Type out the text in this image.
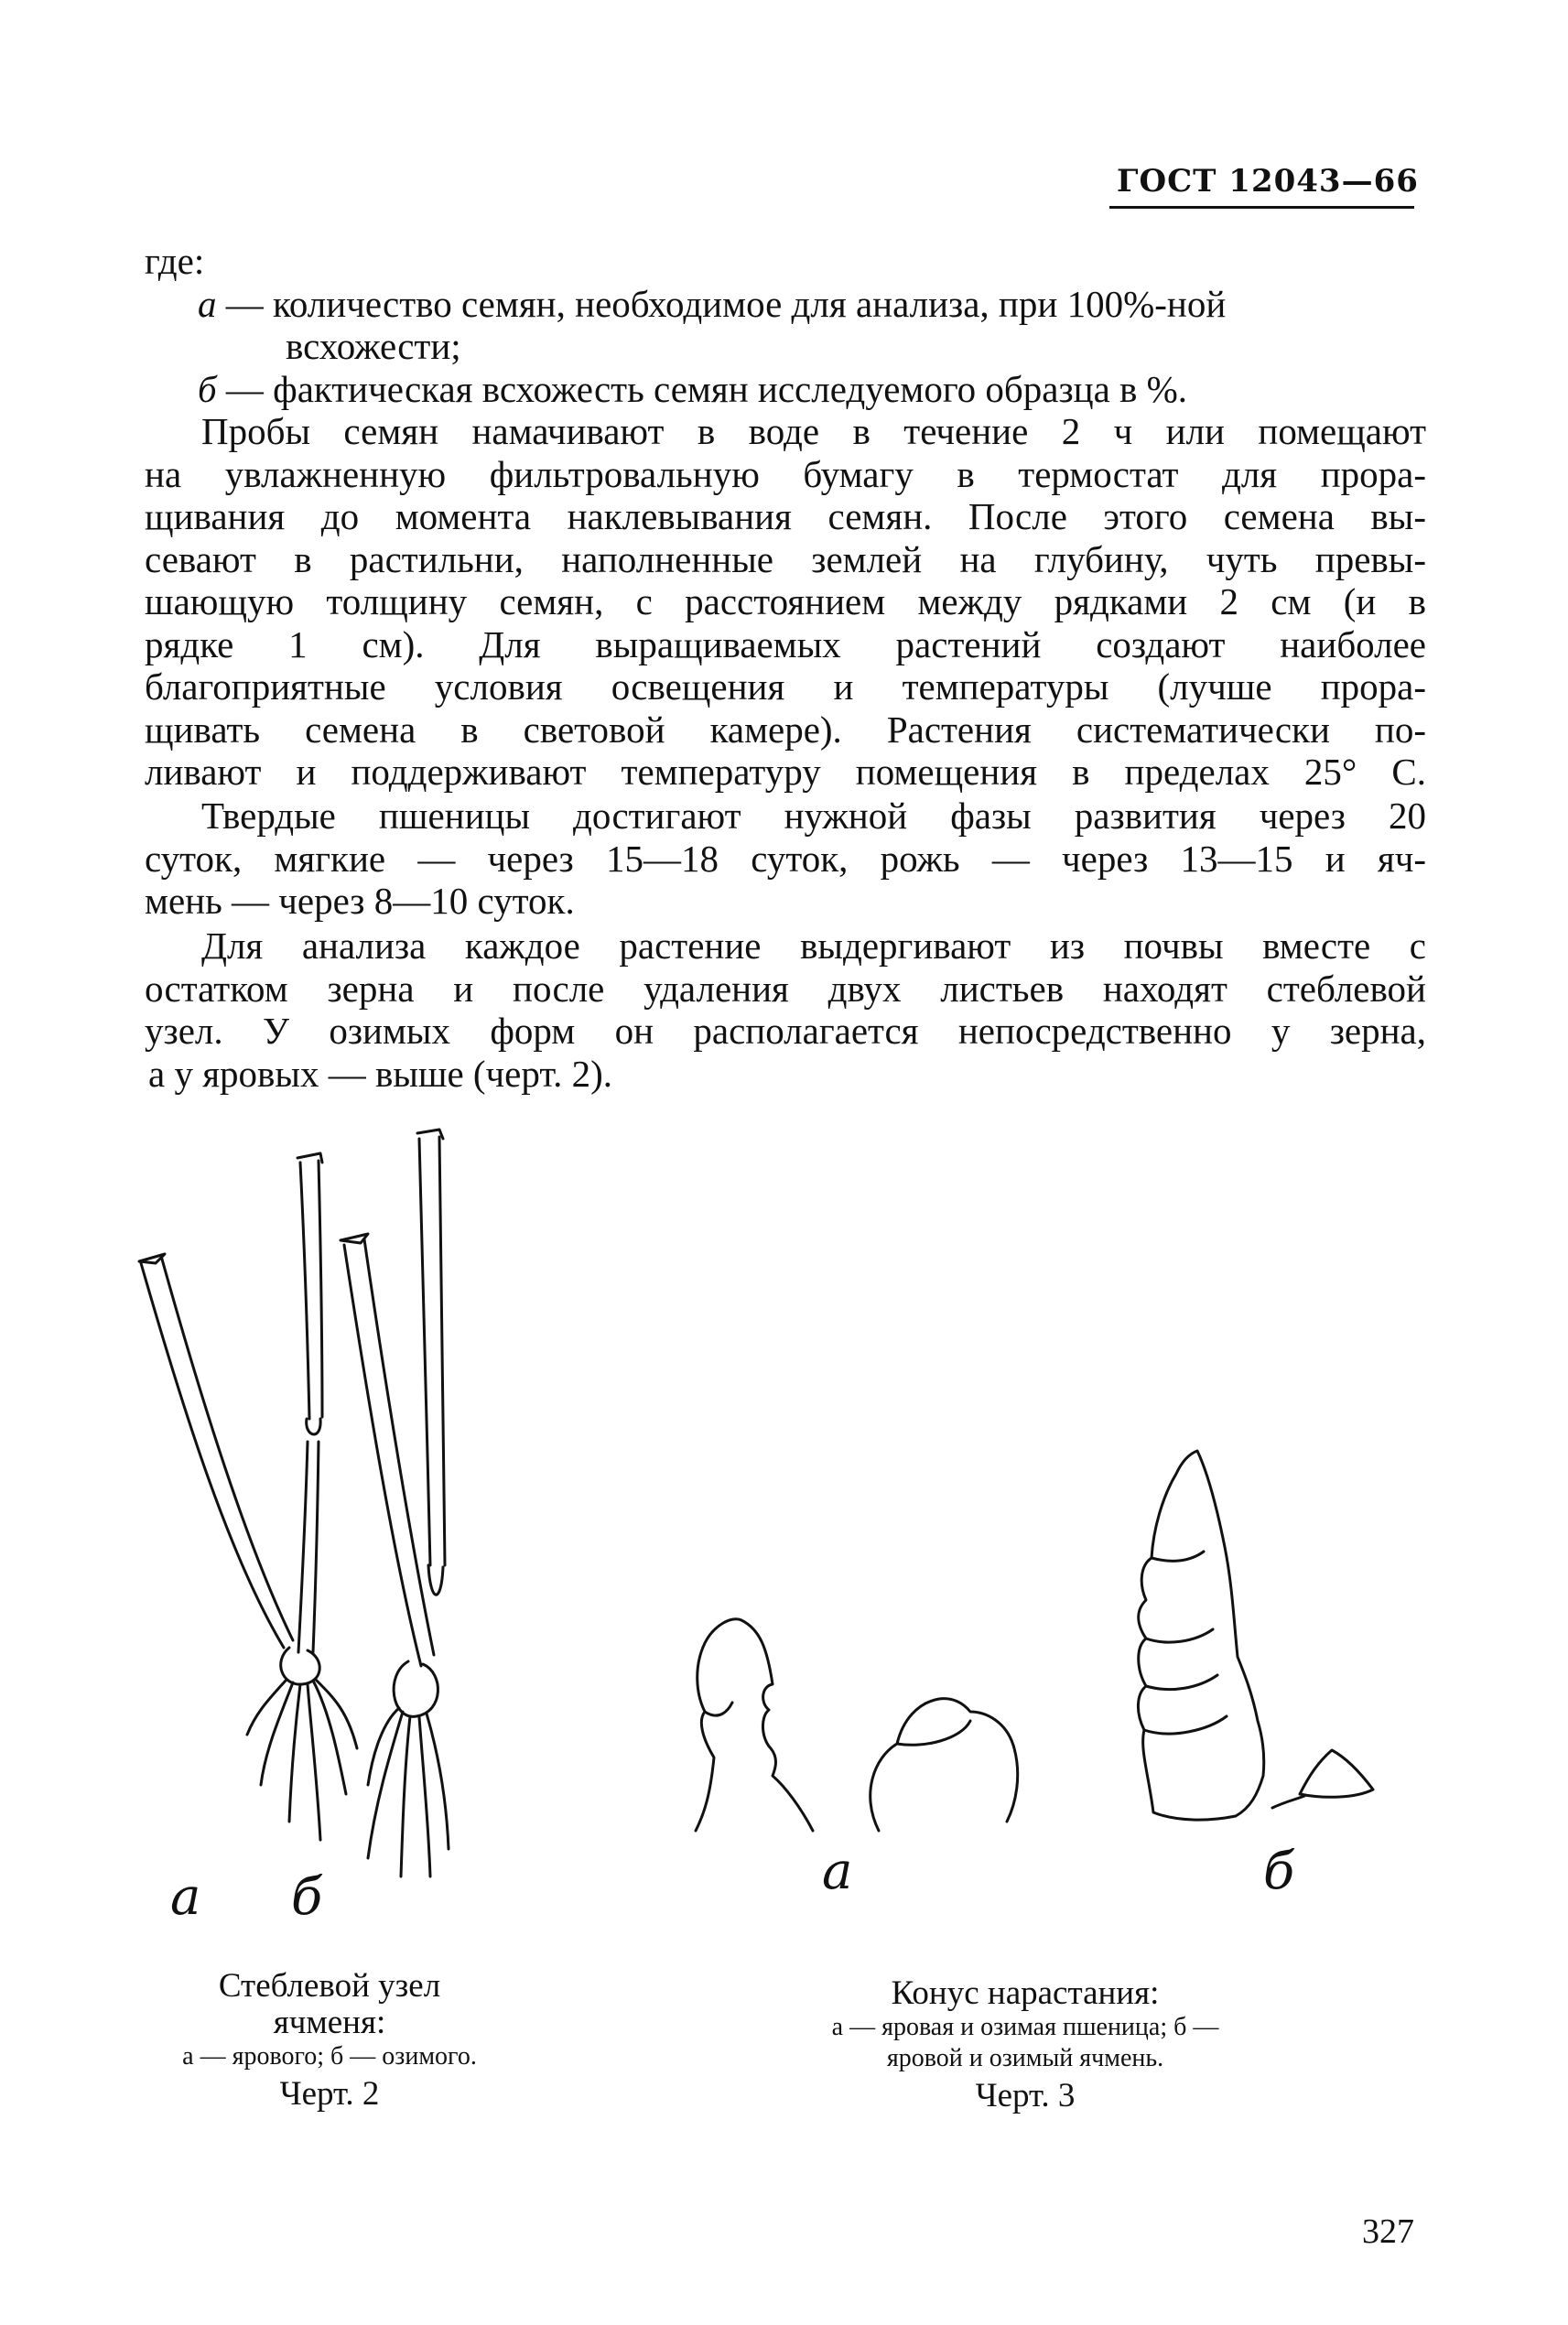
ГОСТ 12043—66
где:
а — количество семян, необходимое для анализа, при 100%-ной
всхожести;
б — фактическая всхожесть семян исследуемого образца в %.
Пробы семян намачивают в воде в течение 2 ч или помещают
на увлажненную фильтровальную бумагу в термостат для прора-
щивания до момента наклевывания семян. После этого семена вы-
севают в растильни, наполненные землей на глубину, чуть превы-
шающую толщину семян, с расстоянием между рядками 2 см (и в
рядке 1 см). Для выращиваемых растений создают наиболее
благоприятные условия освещения и температуры (лучше прора-
щивать семена в световой камере). Растения систематически по-
ливают и поддерживают температуру помещения в пределах 25° С.
Твердые пшеницы достигают нужной фазы развития через 20
суток, мягкие — через 15—18 суток, рожь — через 13—15 и яч-
мень — через 8—10 суток.
Для анализа каждое растение выдергивают из почвы вместе с
остатком зерна и после удаления двух листьев находят стеблевой
узел. У озимых форм он располагается непосредственно у зерна,
а у яровых — выше (черт. 2).
а б
Стеблевой узел
ячменя:
а — ярового; б — озимого.
Черт. 2
а	б
Конус нарастания:
а — яровая и озимая пшеница; б —
яровой и озимый ячмень.
Черт. 3
327
